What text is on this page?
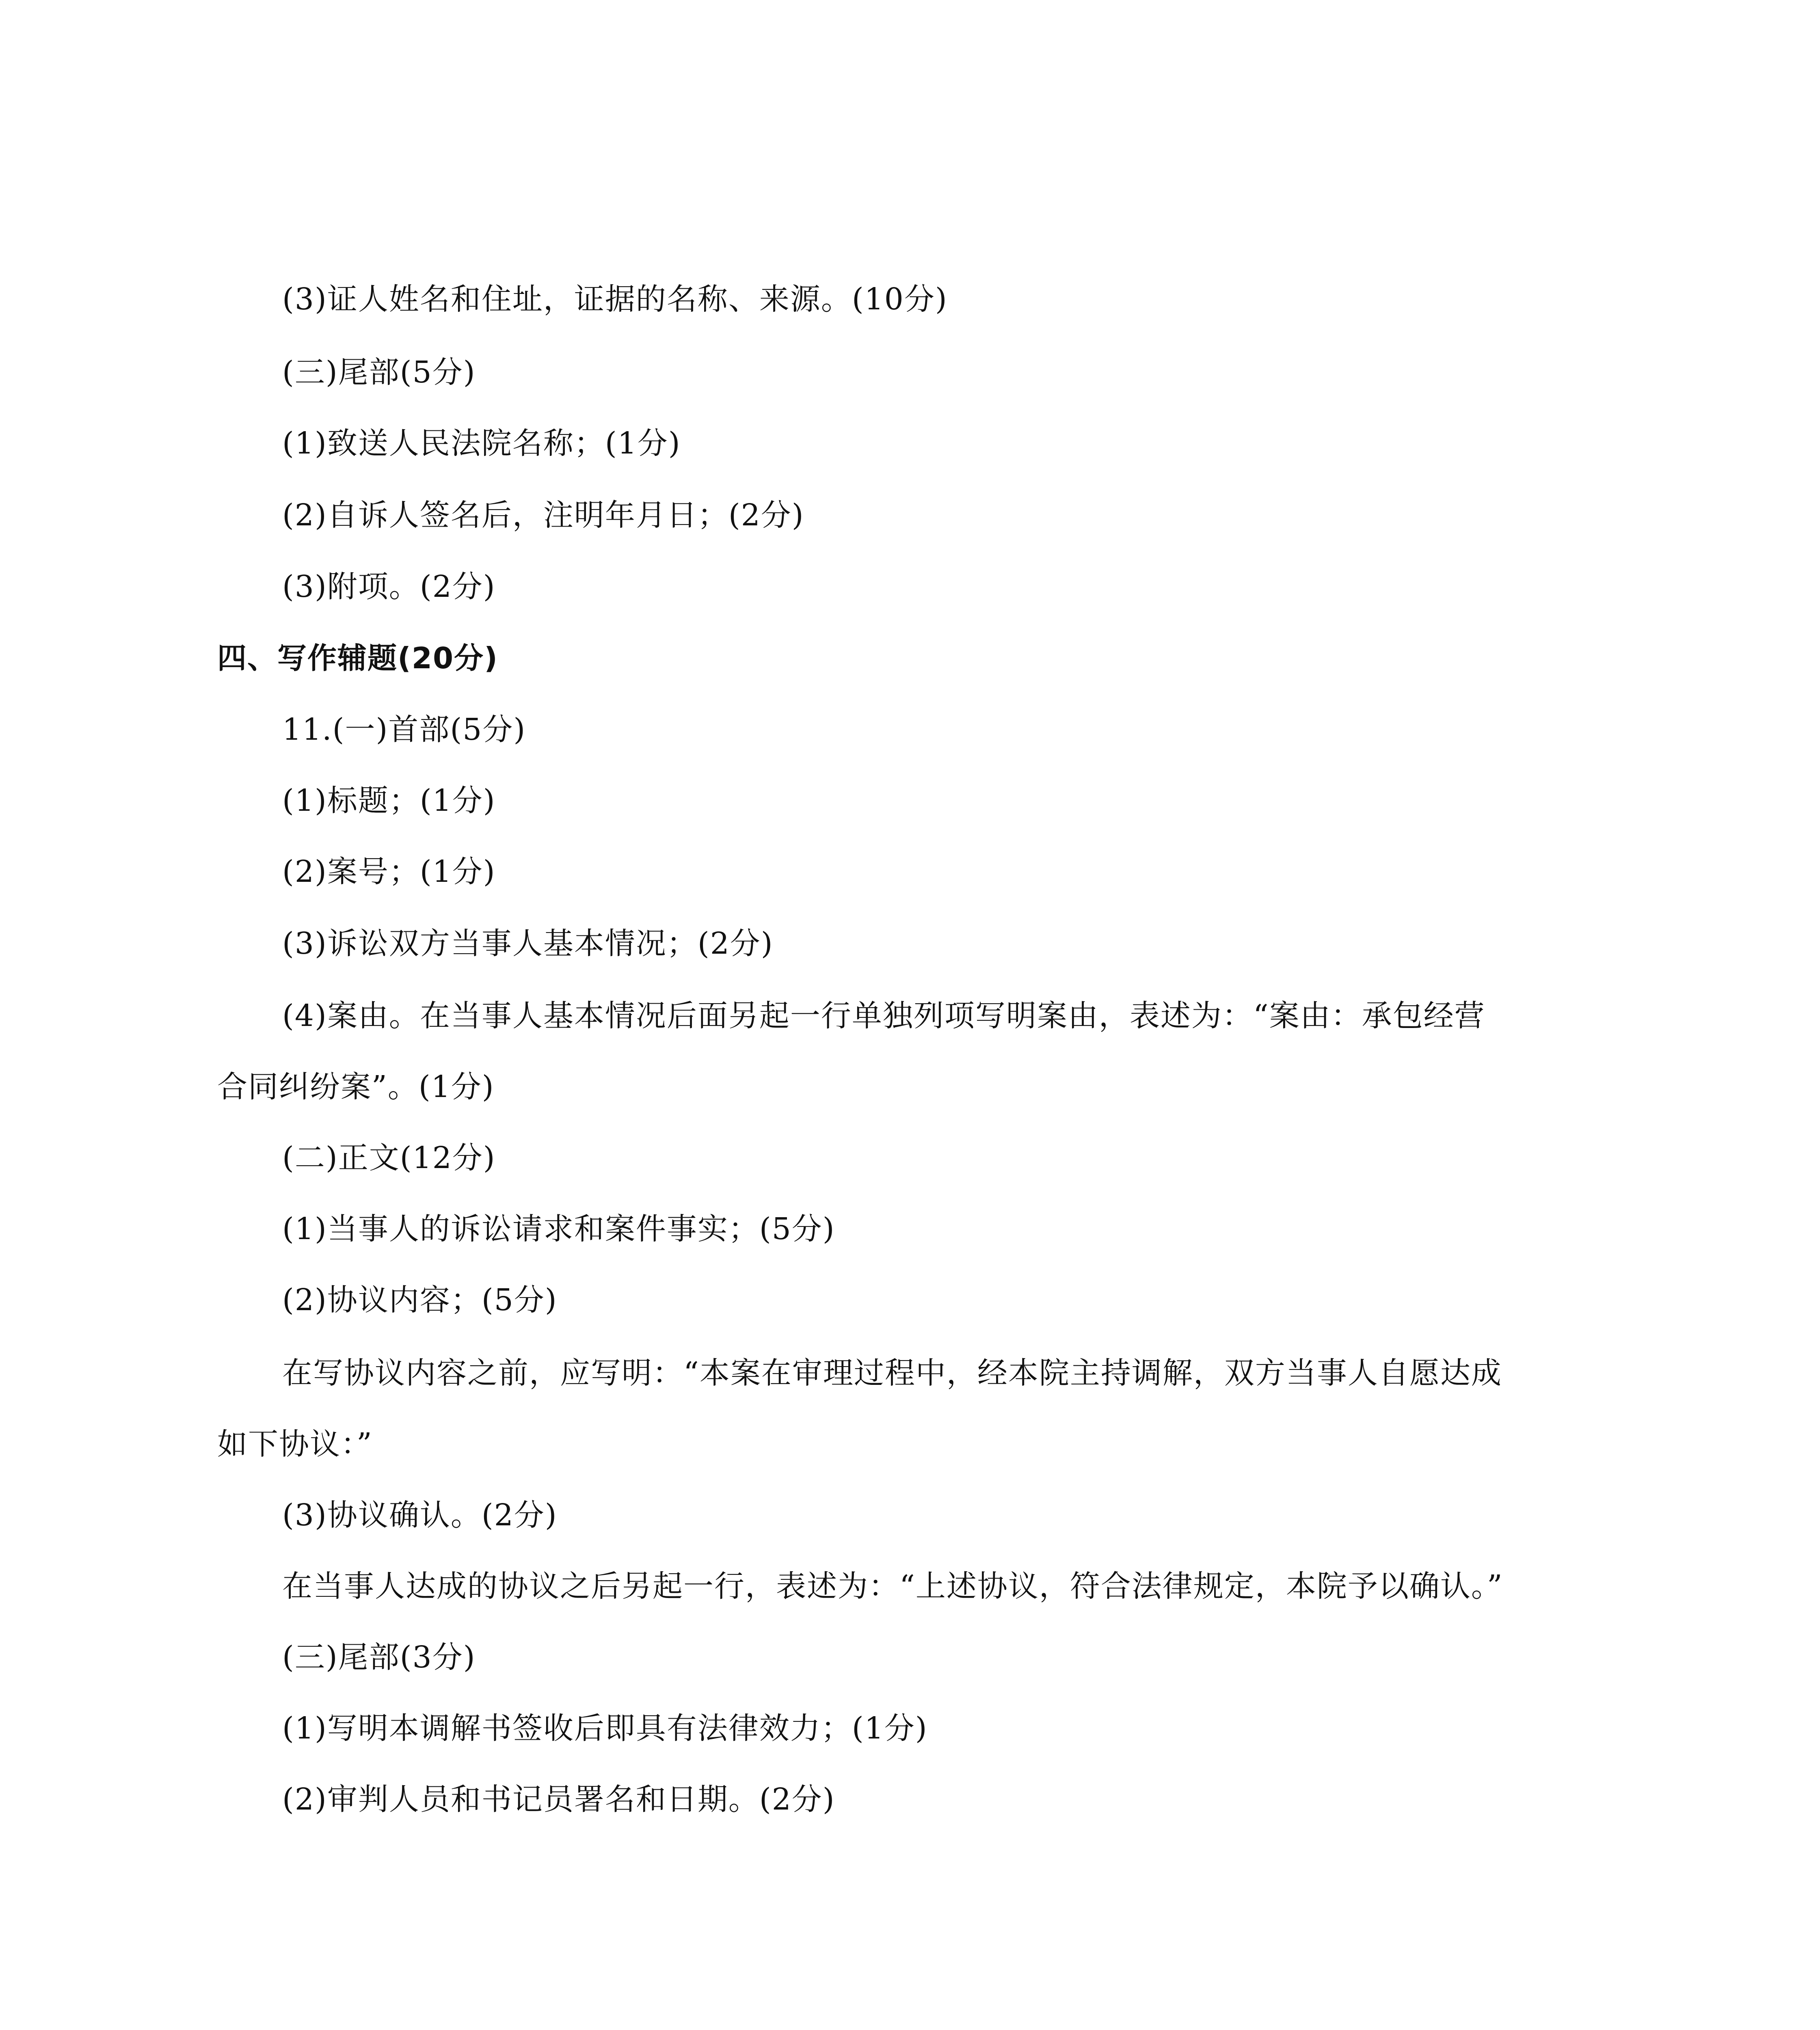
(3)证人姓名和住址，证据的名称、来源。(10分)
(三)尾部(5分)
(1)致送人民法院名称；(1分)
(2)自诉人签名后，注明年月日；(2分)
(3)附项。(2分)
四、写作辅题(20分)
11.(一)首部(5分)
(1)标题；(1分)
(2)案号；(1分)
(3)诉讼双方当事人基本情况；(2分)
(4)案由。在当事人基本情况后面另起一行单独列项写明案由，表述为：“案由：承包经营
合同纠纷案”。(1分)
(二)正文(12分)
(1)当事人的诉讼请求和案件事实；(5分)
(2)协议内容；(5分)
在写协议内容之前，应写明：“本案在审理过程中，经本院主持调解，双方当事人自愿达成
如下协议：”
(3)协议确认。(2分)
在当事人达成的协议之后另起一行，表述为：“上述协议，符合法律规定，本院予以确认。”
(三)尾部(3分)
(1)写明本调解书签收后即具有法律效力；(1分)
(2)审判人员和书记员署名和日期。(2分)
